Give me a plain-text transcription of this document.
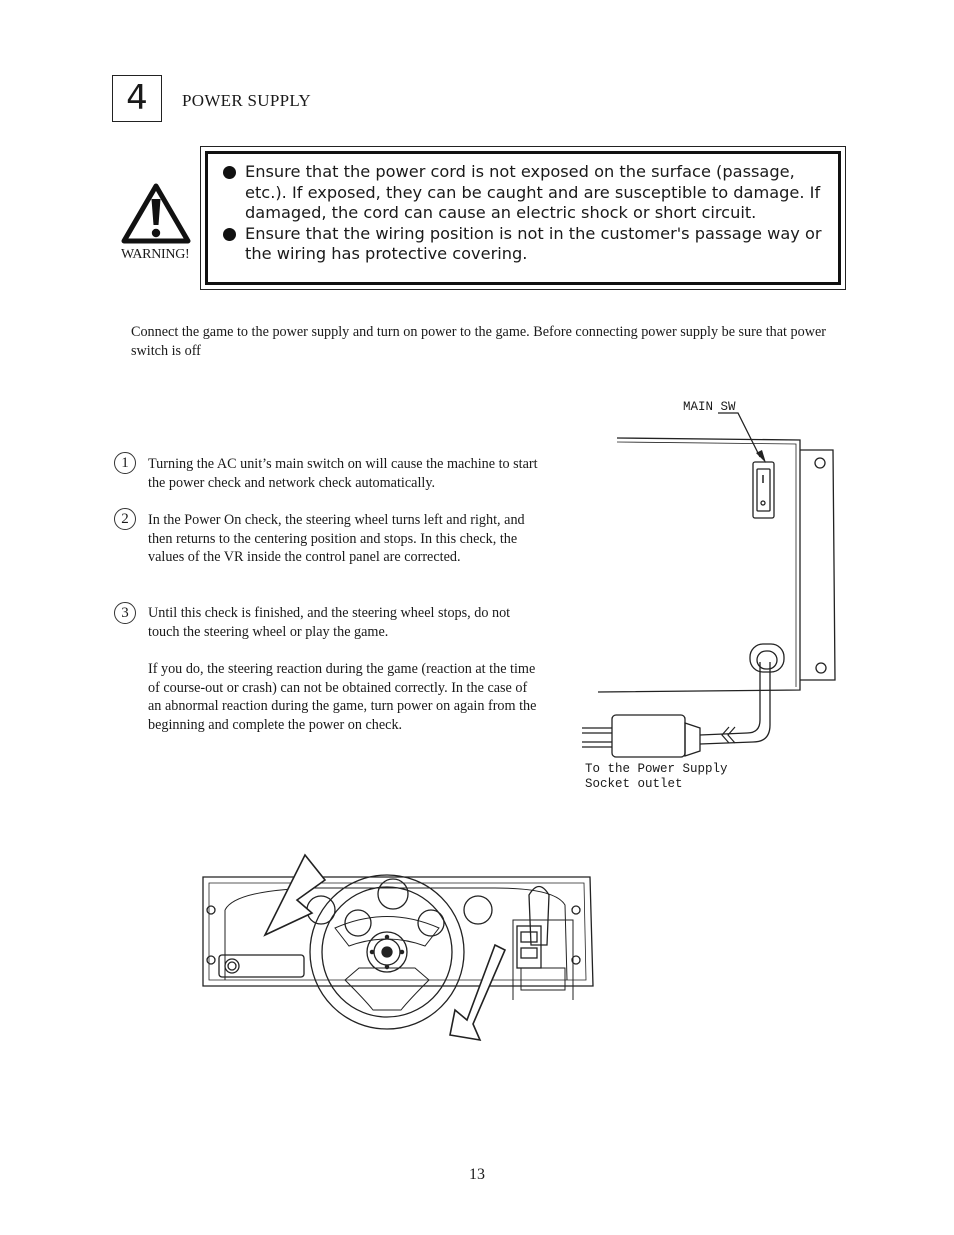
4	POWER SUPPLY
WARNING!
Ensure that the power cord is not exposed on the surface (passage, etc.). If exposed, they can be caught and are susceptible to damage. If damaged, the cord can cause an electric shock or short circuit.
Ensure that the wiring position is not in the customer's passage way or the wiring has protective covering.
Connect the game to the power supply and turn on power to the game. Before connecting power supply be sure that power switch is off
1	Turning the AC unit’s main switch on will cause the machine to start the power check and network check automatically.
2	In the Power On check, the steering wheel turns left and right, and then returns to the centering position and stops. In this check, the values of the VR inside the control panel are corrected.
3	Until this check is finished, and the steering wheel stops, do not touch the steering wheel or play the game.
If you do, the steering reaction during the game (reaction at the time of course-out or crash) can not be obtained correctly. In the case of an abnormal reaction during the game, turn power on again from the beginning and complete the power on check.
MAIN SW
To the Power Supply
Socket outlet
13
